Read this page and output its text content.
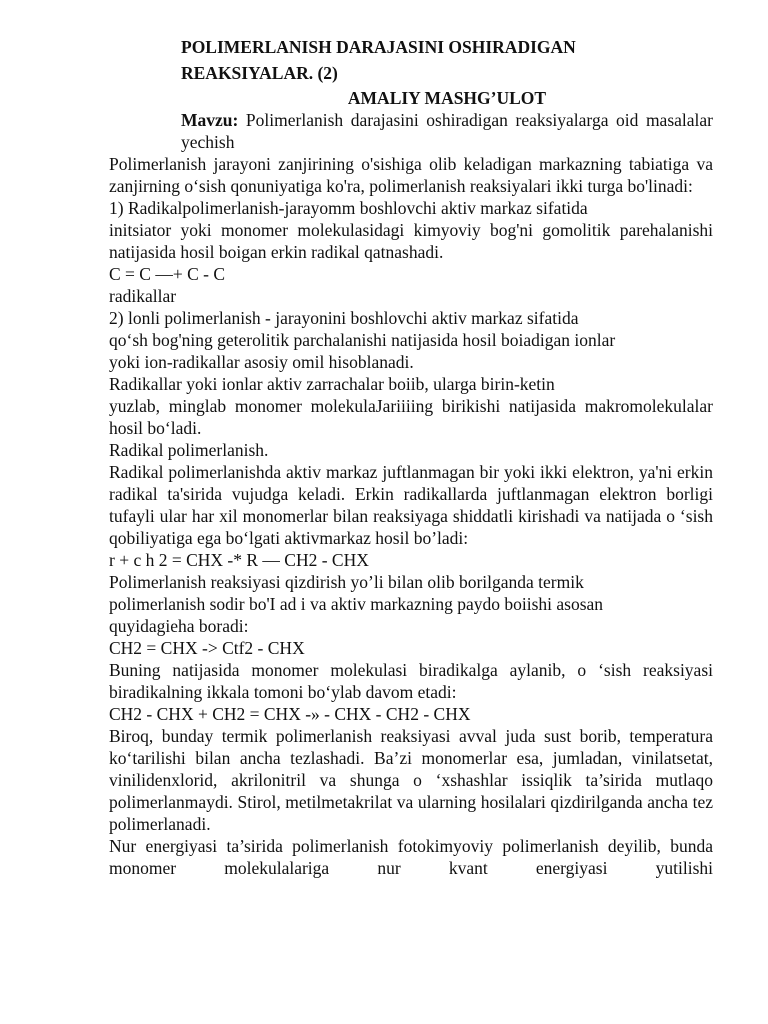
POLIMERLANISH DARAJASINI OSHIRADIGAN
REAKSIYALAR. (2)
AMALIY MASHG’ULOT
Mavzu: Polimerlanish darajasini oshiradigan reaksiyalarga oid masalalar yechish

Polimerlanish jarayoni zanjirining o'sishiga olib keladigan markazning tabiatiga va zanjirning o‘sish qonuniyatiga ko'ra, polimerlanish reaksiyalari ikki turga bo'linadi:

1) Radikalpolimerlanish-jarayomm boshlovchi aktiv markaz sifatida

initsiator yoki monomer molekulasidagi kimyoviy bog'ni gomolitik parehalanishi natijasida hosil boigan erkin radikal qatnashadi.

C = C —+ C - C

radikallar

2) lonli polimerlanish - jarayonini boshlovchi aktiv markaz sifatida

qo‘sh bog'ning geterolitik parchalanishi natijasida hosil boiadigan ionlar

yoki ion-radikallar asosiy omil hisoblanadi.

Radikallar yoki ionlar aktiv zarrachalar boiib, ularga birin-ketin

yuzlab, minglab monomer molekulaJariiiing birikishi natijasida makromolekulalar hosil bo‘ladi.

Radikal polimerlanish.

Radikal polimerlanishda aktiv markaz juftlanmagan bir yoki ikki elektron, ya'ni erkin radikal ta'sirida vujudga keladi. Erkin radikallarda juftlanmagan elektron borligi tufayli ular har xil monomerlar bilan reaksiyaga shiddatli kirishadi va natijada o ‘sish qobiliyatiga ega bo‘lgati aktivmarkaz hosil bo’ladi:

r + c h 2 = CHX -* R — CH2 - CHX

Polimerlanish reaksiyasi qizdirish yo’li bilan olib borilganda termik

polimerlanish sodir bo'I ad i va aktiv markazning paydo boiishi asosan

quyidagieha boradi:

CH2 = CHX -> Ctf2 - CHX

Buning natijasida monomer molekulasi biradikalga aylanib, o ‘sish reaksiyasi biradikalning ikkala tomoni bo‘ylab davom etadi:

CH2 - CHX + CH2 = CHX -» - CHX - CH2 - CHX

Biroq, bunday termik polimerlanish reaksiyasi avval juda sust borib, temperatura ko‘tarilishi bilan ancha tezlashadi. Ba’zi monomerlar esa, jumladan, vinilatsetat, vinilidenxlorid, akrilonitril va shunga o ‘xshashlar issiqlik ta’sirida mutlaqo polimerlanmaydi. Stirol, metilmetakrilat va ularning hosilalari qizdirilganda ancha tez polimerlanadi.

Nur energiyasi ta’sirida polimerlanish fotokimyoviy polimerlanish deyilib, bunda monomer molekulalariga nur kvant energiyasi yutilishi
